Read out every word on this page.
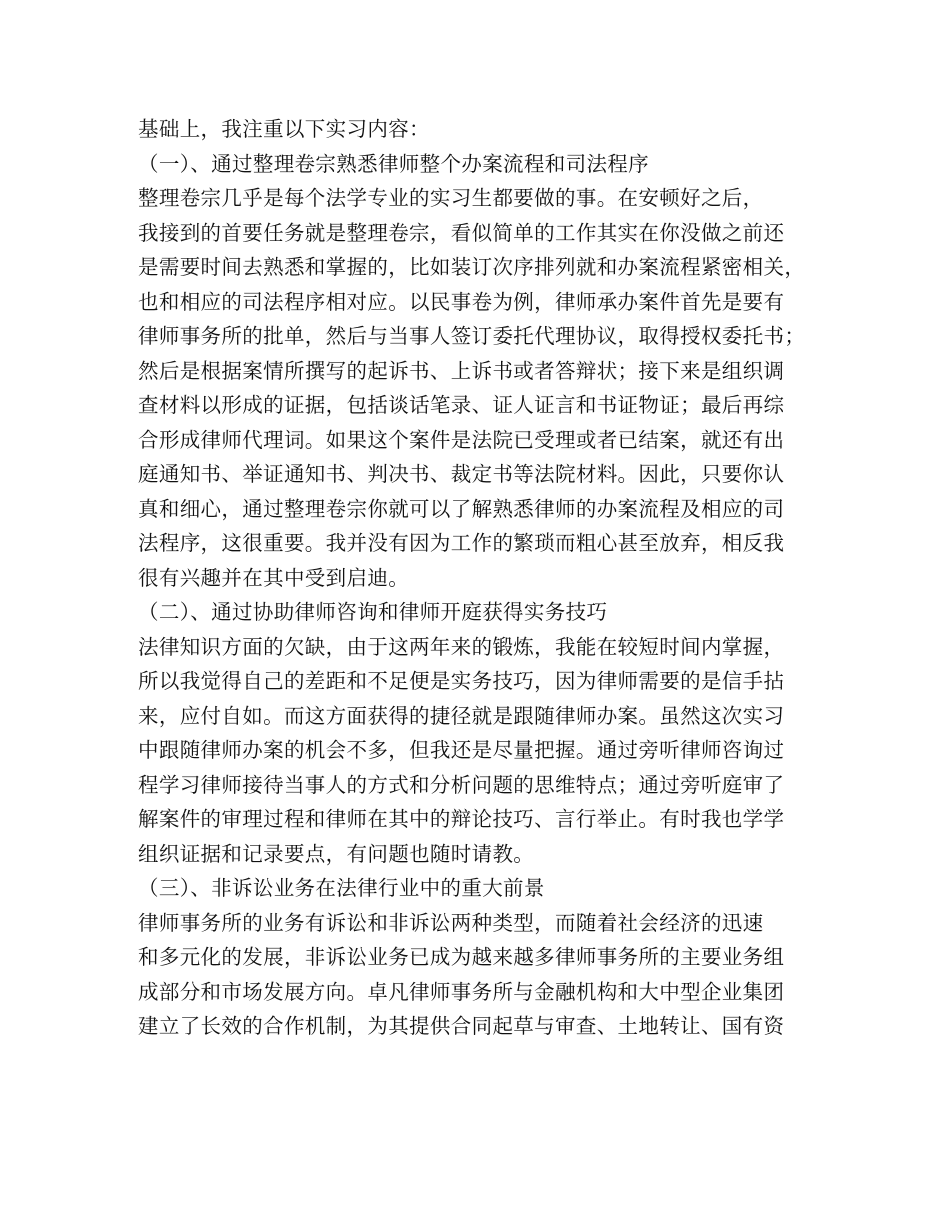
基础上，我注重以下实习内容：
（一）、通过整理卷宗熟悉律师整个办案流程和司法程序
整理卷宗几乎是每个法学专业的实习生都要做的事。在安顿好之后，
我接到的首要任务就是整理卷宗，看似简单的工作其实在你没做之前还
是需要时间去熟悉和掌握的，比如装订次序排列就和办案流程紧密相关，
也和相应的司法程序相对应。以民事卷为例，律师承办案件首先是要有
律师事务所的批单，然后与当事人签订委托代理协议，取得授权委托书；
然后是根据案情所撰写的起诉书、上诉书或者答辩状；接下来是组织调
查材料以形成的证据，包括谈话笔录、证人证言和书证物证；最后再综
合形成律师代理词。如果这个案件是法院已受理或者已结案，就还有出
庭通知书、举证通知书、判决书、裁定书等法院材料。因此，只要你认
真和细心，通过整理卷宗你就可以了解熟悉律师的办案流程及相应的司
法程序，这很重要。我并没有因为工作的繁琐而粗心甚至放弃，相反我
很有兴趣并在其中受到启迪。
（二）、通过协助律师咨询和律师开庭获得实务技巧
法律知识方面的欠缺，由于这两年来的锻炼，我能在较短时间内掌握，
所以我觉得自己的差距和不足便是实务技巧，因为律师需要的是信手拈
来，应付自如。而这方面获得的捷径就是跟随律师办案。虽然这次实习
中跟随律师办案的机会不多，但我还是尽量把握。通过旁听律师咨询过
程学习律师接待当事人的方式和分析问题的思维特点；通过旁听庭审了
解案件的审理过程和律师在其中的辩论技巧、言行举止。有时我也学学
组织证据和记录要点，有问题也随时请教。
（三）、非诉讼业务在法律行业中的重大前景
律师事务所的业务有诉讼和非诉讼两种类型，而随着社会经济的迅速
和多元化的发展，非诉讼业务已成为越来越多律师事务所的主要业务组
成部分和市场发展方向。卓凡律师事务所与金融机构和大中型企业集团
建立了长效的合作机制，为其提供合同起草与审查、土地转让、国有资
